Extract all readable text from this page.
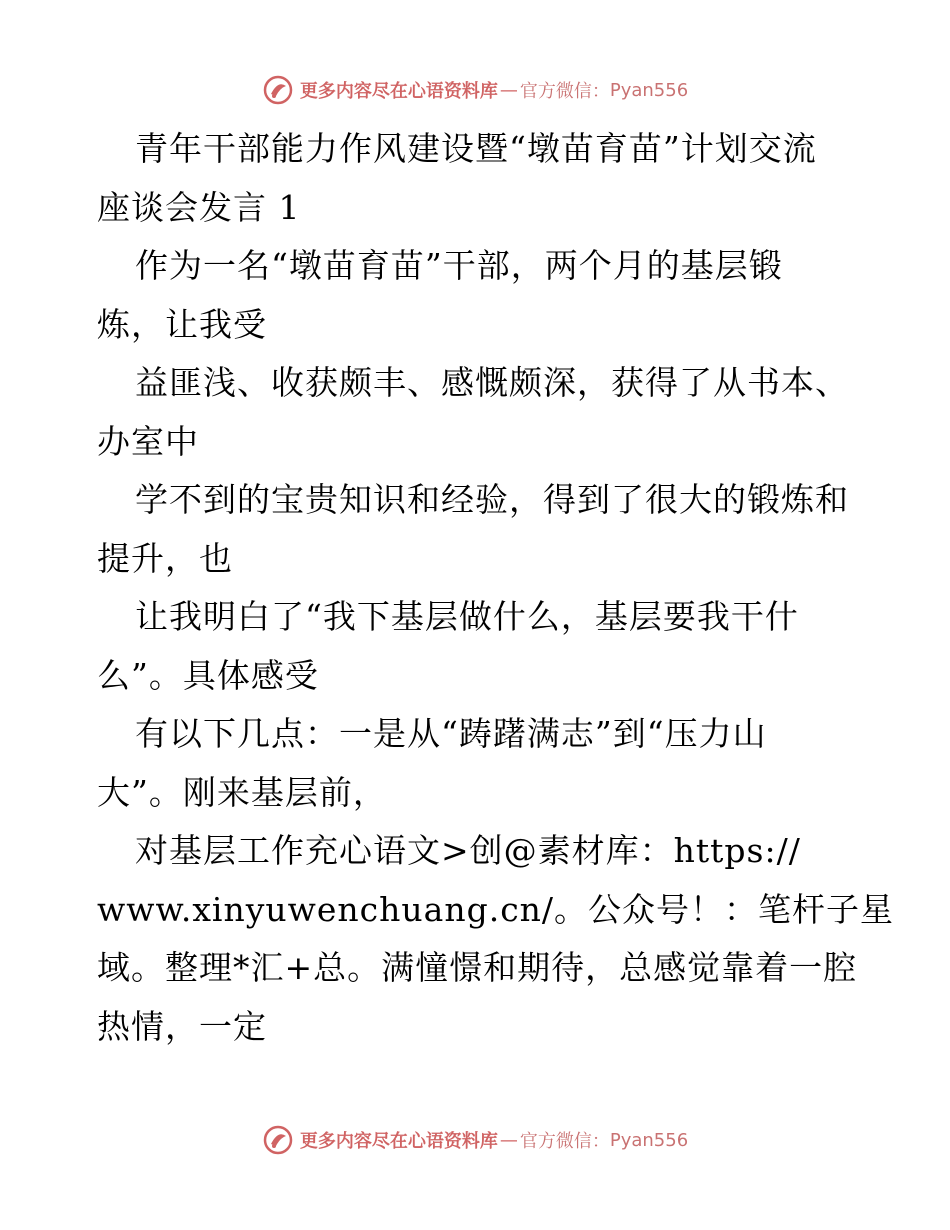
更多内容尽在心语资料库 — 官方微信： Pyan556
青年干部能力作风建设暨“墩苗育苗”计划交流
座谈会发言 1
作为一名“墩苗育苗”干部，两个月的基层锻
炼，让我受
益匪浅、收获颇丰、感慨颇深，获得了从书本、
办室中
学不到的宝贵知识和经验，得到了很大的锻炼和
提升，也
让我明白了“我下基层做什么，基层要我干什
么”。具体感受
有以下几点：一是从“踌躇满志”到“压力山
大”。刚来基层前，
对基层工作充心语文>创@素材库：https://
www.xinyuwenchuang.cn/。公众号！：笔杆子星
域。整理*汇+总。满憧憬和期待，总感觉靠着一腔
热情，一定
更多内容尽在心语资料库 — 官方微信： Pyan556
